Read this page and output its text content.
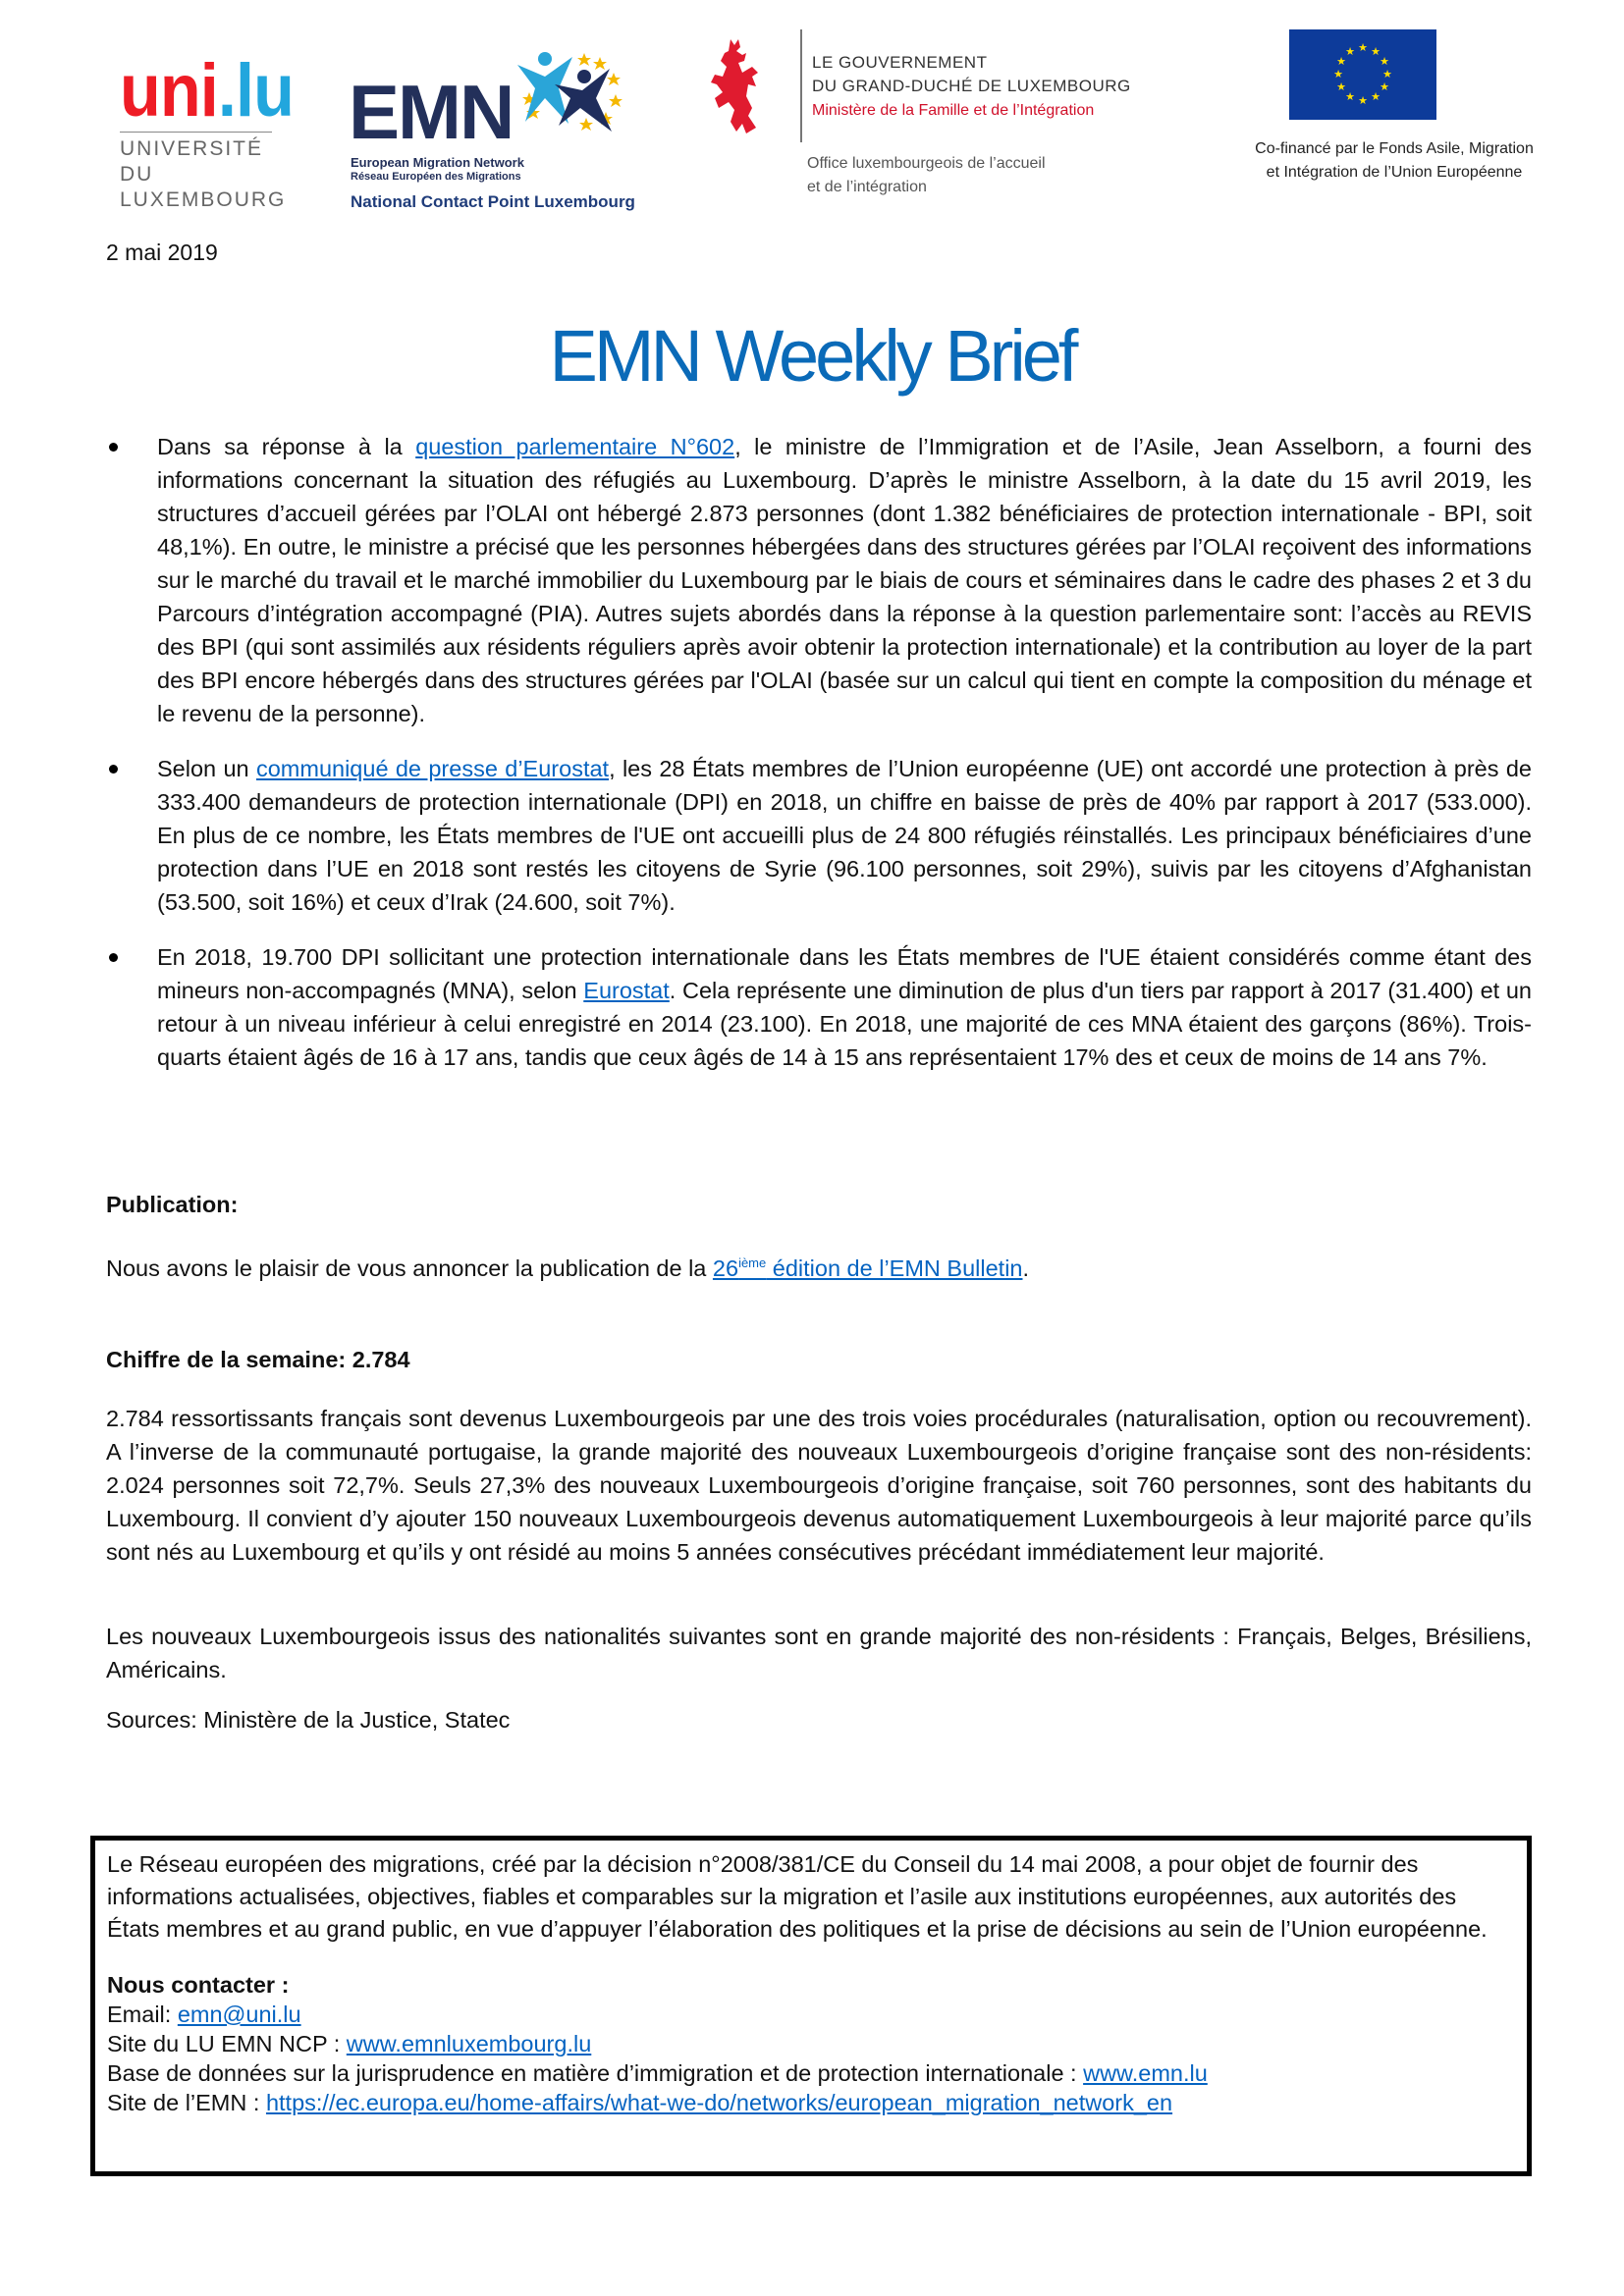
uni.lu
UNIVERSITÉ DU
LUXEMBOURG
EMN
European Migration Network
Réseau Européen des Migrations
National Contact Point Luxembourg
LE GOUVERNEMENT
DU GRAND-DUCHÉ DE LUXEMBOURG
Ministère de la Famille et de l’Intégration
Office luxembourgeois de l’accueil
et de l’intégration
★ ★
★
★
★
★
★
★
★
★
★
★
Co-financé par le Fonds Asile, Migration
et Intégration de l’Union Européenne
2 mai 2019
EMN Weekly Brief
Dans sa réponse à la question parlementaire N°602, le ministre de l’Immigration et de l’Asile, Jean Asselborn, a fourni des informations concernant la situation des réfugiés au Luxembourg. D’après le ministre Asselborn, à la date du 15 avril 2019, les structures d’accueil gérées par l’OLAI ont hébergé 2.873 personnes (dont 1.382 bénéficiaires de protection internationale - BPI, soit 48,1%). En outre, le ministre a précisé que les personnes hébergées dans des structures gérées par l’OLAI reçoivent des informations sur le marché du travail et le marché immobilier du Luxembourg par le biais de cours et séminaires dans le cadre des phases 2 et 3 du Parcours d’intégration accompagné (PIA). Autres sujets abordés dans la réponse à la question parlementaire sont: l’accès au REVIS des BPI (qui sont assimilés aux résidents réguliers après avoir obtenir la protection internationale) et la contribution au loyer de la part des BPI encore hébergés dans des structures gérées par l'OLAI (basée sur un calcul qui tient en compte la composition du ménage et le revenu de la personne).
Selon un communiqué de presse d’Eurostat, les 28 États membres de l’Union européenne (UE) ont accordé une protection à près de 333.400 demandeurs de protection internationale (DPI) en 2018, un chiffre en baisse de près de 40% par rapport à 2017 (533.000). En plus de ce nombre, les États membres de l'UE ont accueilli plus de 24 800 réfugiés réinstallés. Les principaux bénéficiaires d’une protection dans l’UE en 2018 sont restés les citoyens de Syrie (96.100 personnes, soit 29%), suivis par les citoyens d’Afghanistan (53.500, soit 16%) et ceux d’Irak (24.600, soit 7%).
En 2018, 19.700 DPI sollicitant une protection internationale dans les États membres de l'UE étaient considérés comme étant des mineurs non-accompagnés (MNA), selon Eurostat. Cela représente une diminution de plus d'un tiers par rapport à 2017 (31.400) et un retour à un niveau inférieur à celui enregistré en 2014 (23.100). En 2018, une majorité de ces MNA étaient des garçons (86%). Trois-quarts étaient âgés de 16 à 17 ans, tandis que ceux âgés de 14 à 15 ans représentaient 17% des et ceux de moins de 14 ans 7%.
Publication:
Nous avons le plaisir de vous annoncer la publication de la 26ième édition de l’EMN Bulletin.
Chiffre de la semaine: 2.784
2.784 ressortissants français sont devenus Luxembourgeois par une des trois voies procédurales (naturalisation, option ou recouvrement). A l’inverse de la communauté portugaise, la grande majorité des nouveaux Luxembourgeois d’origine française sont des non-résidents: 2.024 personnes soit 72,7%. Seuls 27,3% des nouveaux Luxembourgeois d’origine française, soit 760 personnes, sont des habitants du Luxembourg. Il convient d’y ajouter 150 nouveaux Luxembourgeois devenus automatiquement Luxembourgeois à leur majorité parce qu’ils sont nés au Luxembourg et qu’ils y ont résidé au moins 5 années consécutives précédant immédiatement leur majorité.
Les nouveaux Luxembourgeois issus des nationalités suivantes sont en grande majorité des non-résidents : Français, Belges, Brésiliens, Américains.
Sources: Ministère de la Justice, Statec
Le Réseau européen des migrations, créé par la décision n°2008/381/CE du Conseil du 14 mai 2008, a pour objet de fournir des informations actualisées, objectives, fiables et comparables sur la migration et l’asile aux institutions européennes, aux autorités des États membres et au grand public, en vue d’appuyer l’élaboration des politiques et la prise de décisions au sein de l’Union européenne.
Nous contacter :
Email: emn@uni.lu
Site du LU EMN NCP : www.emnluxembourg.lu
Base de données sur la jurisprudence en matière d’immigration et de protection internationale : www.emn.lu
Site de l’EMN : https://ec.europa.eu/home-affairs/what-we-do/networks/european_migration_network_en
